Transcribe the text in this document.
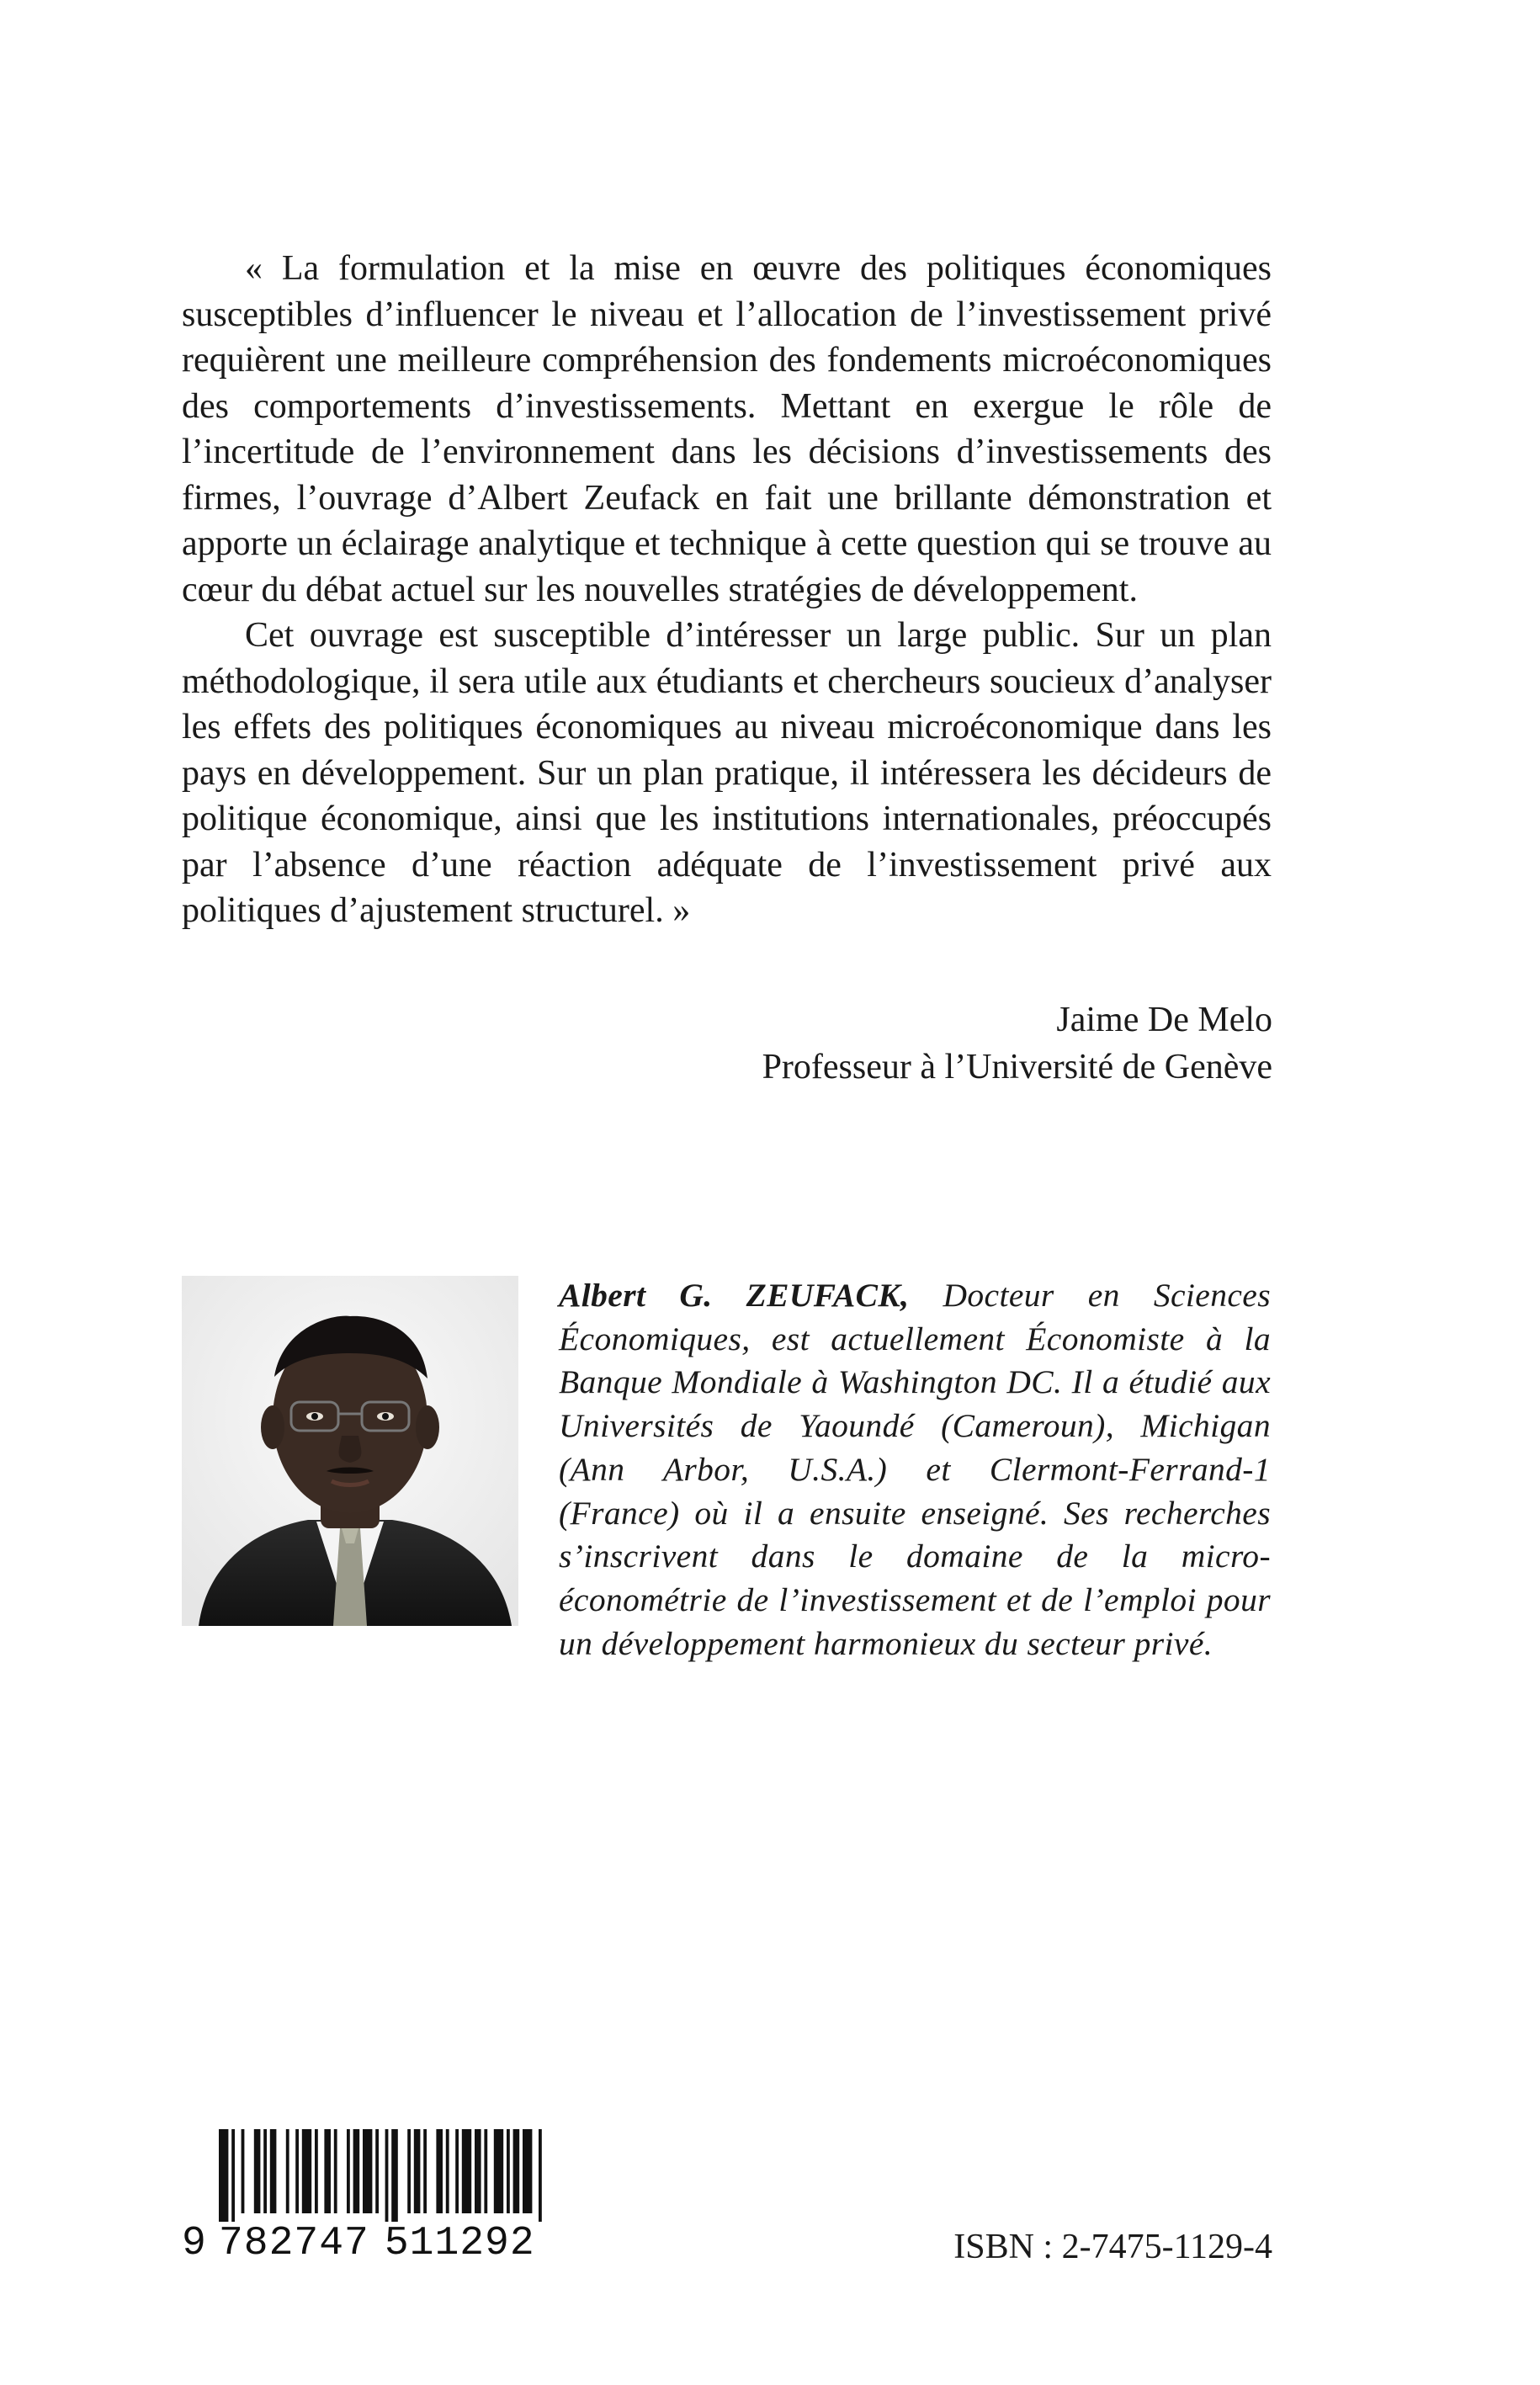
« La formulation et la mise en œuvre des politiques économiques susceptibles d’influencer le niveau et l’allocation de l’investissement privé requièrent une meilleure compréhension des fondements microéconomiques des comportements d’investissements. Mettant en exergue le rôle de l’incertitude de l’environnement dans les décisions d’investissements des firmes, l’ouvrage d’Albert Zeufack en fait une brillante démonstration et apporte un éclairage analytique et technique à cette question qui se trouve au cœur du débat actuel sur les nouvelles stratégies de développement.

Cet ouvrage est susceptible d’intéresser un large public. Sur un plan méthodologique, il sera utile aux étudiants et chercheurs soucieux d’analyser les effets des politiques économiques au niveau microéconomique dans les pays en développement. Sur un plan pratique, il intéressera les décideurs de politique économique, ainsi que les institutions internationales, préoccupés par l’absence d’une réaction adéquate de l’investissement privé aux politiques d’ajustement structurel. »

Jaime De Melo
Professeur à l’Université de Genève

Albert G. ZEUFACK, Docteur en Sciences Économiques, est actuellement Économiste à la Banque Mondiale à Washington DC. Il a étudié aux Universités de Yaoundé (Cameroun), Michigan (Ann Arbor, U.S.A.) et Clermont-Ferrand-1 (France) où il a ensuite enseigné. Ses recherches s’inscrivent dans le domaine de la micro-économétrie de l’investissement et de l’emploi pour un développement harmonieux du secteur privé.

9 782747 511292	ISBN : 2-7475-1129-4
